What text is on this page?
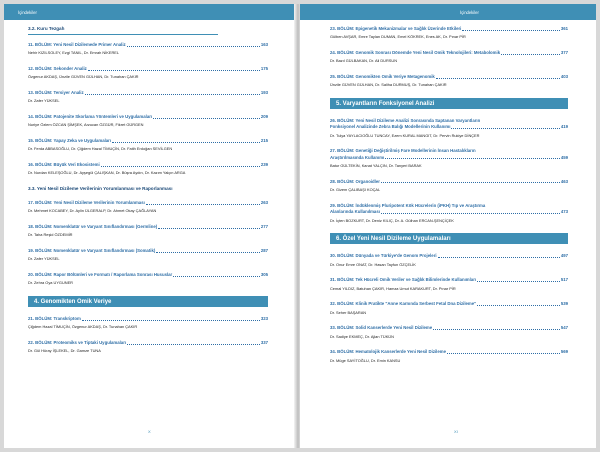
İçindekiler
3.2. Kuru Tezgah
11. BÖLÜM: Yeni Nesil Dizilemede Primer Analiz	163
Nehir KIZILSOLEY, Ezgi TANIL, Dr. Emrah NİKEREL
12. BÖLÜM: Sekonder Analiz	175
Özgenur AKDAŞ, Ünzile GÜVEN GÜLHAN, Dr. Tunahan ÇAKIR
13. BÖLÜM: Tersiyer Analiz	193
Dr. Zafer YÜKSEL
14. BÖLÜM: Patojenite Skorlama Yöntemleri ve Uygulamaları	209
Nuriye Özlem ÖZCAN ŞİMŞEK, Arzucan ÖZGÜR, Fikret GÜRGEN
15. BÖLÜM: Yapay Zeka ve Uygulamaları	215
Dr. Ferda ABBASOĞLU, Dr. Çiğdem Hazal TİMUÇİN, Dr. Fatih Erdoğan SEVİLGEN
16. BÖLÜM: Büyük Veri Ekosistemi	239
Dr. Nurdan KELEŞOĞLU, Dr. Ayşegül ÇALIŞKAN, Dr. Büşra Aydın, Dr. Kazım Yalçın ARGA
3.3. Yeni Nesil Dizileme Verilerinin Yorumlanması ve Raporlanması
17. BÖLÜM: Yeni Nesil Dizileme Verilerinin Yorumlanması	263
Dr. Mehmet KOCABEY, Dr. Aylin ÜLGERALP, Dr. Ahmet Okay ÇAĞLAYAN
18. BÖLÜM: Nomenklatür ve Varyant Sınıflandırması (Germline)	277
Dr. Taha Reşid ÖZDEMİR
19. BÖLÜM: Nomenklatür ve Varyant Sınıflandırması (Somatik)	287
Dr. Zafer YÜKSEL
20. BÖLÜM: Rapor Bölümleri ve Formatı / Raporlama Sonrası Hususlar	305
Dr. Zehra Oya UYGUNER
4. Genomikten Omik Veriye
21. BÖLÜM: Transkriptom	323
Çiğdem Hazal TİMUÇİN, Özgenur AKDAŞ, Dr. Tunahan ÇAKIR
22. BÖLÜM: Proteomiks ve Tiptaki Uygulamaları	337
Dr. Gül Hüray İŞLEKEL, Dr. Gamze TUNA
X
İçindekiler
23. BÖLÜM: Epigenetik Mekanizmalar ve Sağlık Üzerinde Etkileri	361
Gülben AVŞAR, Emre Taylan DUMAN, Emel KÖKREK, Enes AK, Dr. Pınar PİR
24. BÖLÜM: Genomik Sonrası Dönemde Yeni Nesil Omik Teknolojileri: Metabolomik	377
Dr. Bazıl GÜLBAKAN, Dr. Ali DURSUN
25. BÖLÜM: Genomikten Omik Veriye Metagenomik	403
Ünzile GÜVEN GÜLHAN, Dr. Saliha DURMUŞ, Dr. Tunahan ÇAKIR
5. Varyantların Fonksiyonel Analizi
26. BÖLÜM: Yeni Nesil Dizileme Analizi Sonrasında Saptanan Varyantların
Fonksiyonel Analizinde Zebra Balığı Modellerinin Kullanımı	419
Dr. Tulya YAYLACIOĞLU TUNCAY, Ezem KURAL MANGIT, Dr. Pervin Rukiye DİNÇER
27. BÖLÜM: Genetiği Değiştirilmiş Fare Modellerinin İnsan Hastalıkların
Araştırılmasında Kullanımı	459
Batur GÜLTEKİN, Kanat YALÇIN, Dr. Tanyeri BARAK
28. BÖLÜM: Organoidler	463
Dr. Gizem ÇALIBAŞI KOÇAL
29. BÖLÜM: İndüklenmiş Pluripotent Kök Hücrelerin (iPKH) Tıp ve Araştırma
Alanlarında Kullanılması	473
Dr. İçten BOZKURT, Dr. Deniz KILIÇ, Dr. A. Gülhan ERCAN-ŞENÇİÇEK
6. Özel Yeni Nesil Dizileme Uygulamaları
30. BÖLÜM: Dünyada ve Türkiye'de Genom Projeleri	497
Dr. Onur Emre ONAT, Dr. Hasan Tayfun ÖZÇELİK
31. BÖLÜM: Tek Hücreli Omik Veriler ve Sağlık Bilimlerinde Kullanımları	517
Cemal YILDIZ, Batuhan ÇAKIR, Hamza Umut KARAKURT, Dr. Pınar PİR
32. BÖLÜM: Klinik Pratikte "Anne Karnında Serbest Fetal Dna Dizileme"	539
Dr. Seher BAŞARAN
33. BÖLÜM: Solid Kanserlerde Yeni Nesil Dizileme	547
Dr. Sadiye EKMEÇ, Dr. Ajlan TÜKÜN
34. BÖLÜM: Hematolojik Kanserlerde Yeni Nesil Dizileme	569
Dr. Müge SAYİTOĞLU, Dr. Emin KANSU
XI
